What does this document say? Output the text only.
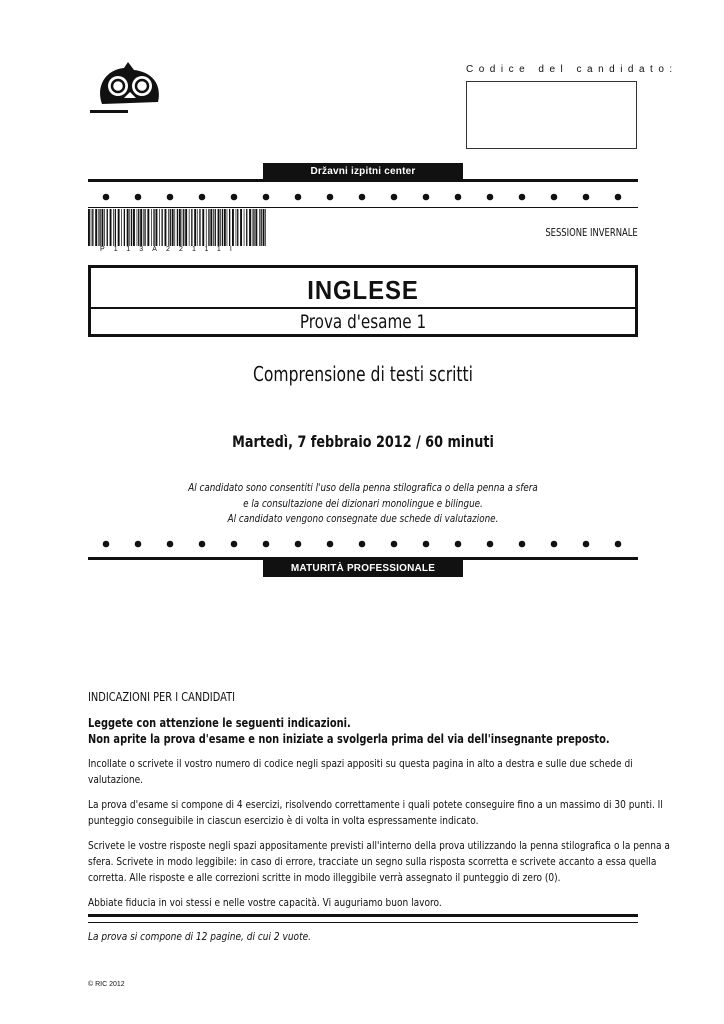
Codice del candidato:
Državni izpitni center
P113A22111I
SESSIONE INVERNALE
INGLESE
Prova d'esame 1
Comprensione di testi scritti
Martedì, 7 febbraio 2012 / 60 minuti
Al candidato sono consentiti l'uso della penna stilografica o della penna a sfera
e la consultazione dei dizionari monolingue e bilingue.
Al candidato vengono consegnate due schede di valutazione.
MATURITÀ PROFESSIONALE
INDICAZIONI PER I CANDIDATI
Leggete con attenzione le seguenti indicazioni.
Non aprite la prova d'esame e non iniziate a svolgerla prima del via dell'insegnante preposto.
Incollate o scrivete il vostro numero di codice negli spazi appositi su questa pagina in alto a destra e sulle due schede di
valutazione.
La prova d'esame si compone di 4 esercizi, risolvendo correttamente i quali potete conseguire fino a un massimo di 30 punti. Il
punteggio conseguibile in ciascun esercizio è di volta in volta espressamente indicato.
Scrivete le vostre risposte negli spazi appositamente previsti all'interno della prova utilizzando la penna stilografica o la penna a
sfera. Scrivete in modo leggibile: in caso di errore, tracciate un segno sulla risposta scorretta e scrivete accanto a essa quella
corretta. Alle risposte e alle correzioni scritte in modo illeggibile verrà assegnato il punteggio di zero (0).
Abbiate fiducia in voi stessi e nelle vostre capacità. Vi auguriamo buon lavoro.
La prova si compone di 12 pagine, di cui 2 vuote.
© RIC 2012
